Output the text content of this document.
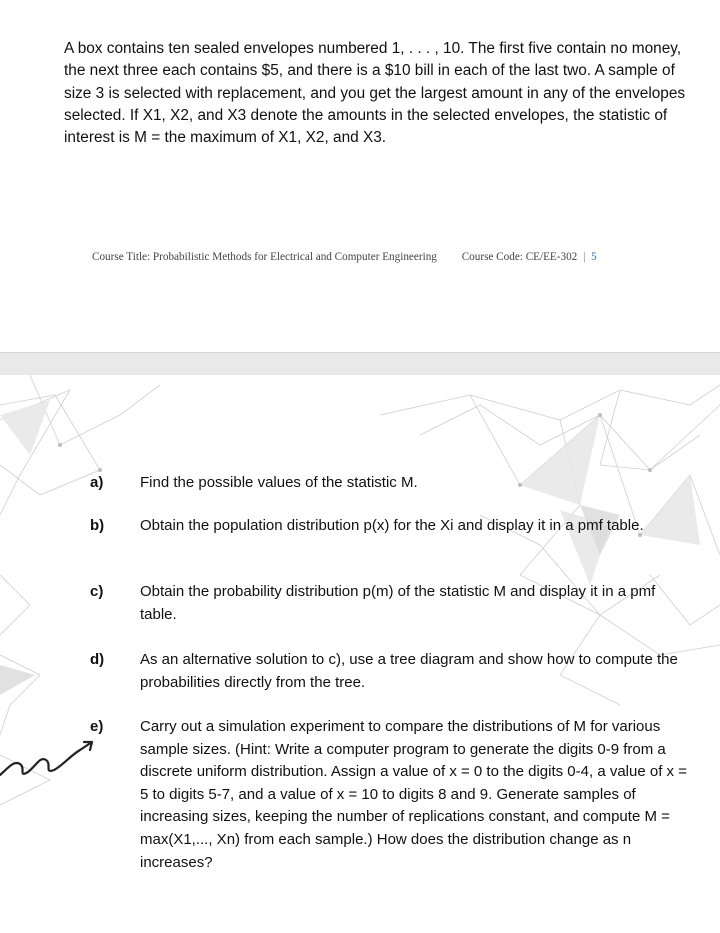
A box contains ten sealed envelopes numbered 1, . . . , 10. The first five contain no money, the next three each contains $5, and there is a $10 bill in each of the last two. A sample of size 3 is selected with replacement, and you get the largest amount in any of the envelopes selected. If X1, X2, and X3 denote the amounts in the selected envelopes, the statistic of interest is M = the maximum of X1, X2, and X3.
Course Title: Probabilistic Methods for Electrical and Computer Engineering Course Code: CE/EE-302 | 5
a) Find the possible values of the statistic M.
b) Obtain the population distribution p(x) for the Xi and display it in a pmf table.
c) Obtain the probability distribution p(m) of the statistic M and display it in a pmf table.
d) As an alternative solution to c), use a tree diagram and show how to compute the probabilities directly from the tree.
e) Carry out a simulation experiment to compare the distributions of M for various sample sizes. (Hint: Write a computer program to generate the digits 0-9 from a discrete uniform distribution. Assign a value of x = 0 to the digits 0-4, a value of x = 5 to digits 5-7, and a value of x = 10 to digits 8 and 9. Generate samples of increasing sizes, keeping the number of replications constant, and compute M = max(X1,..., Xn) from each sample.) How does the distribution change as n increases?
